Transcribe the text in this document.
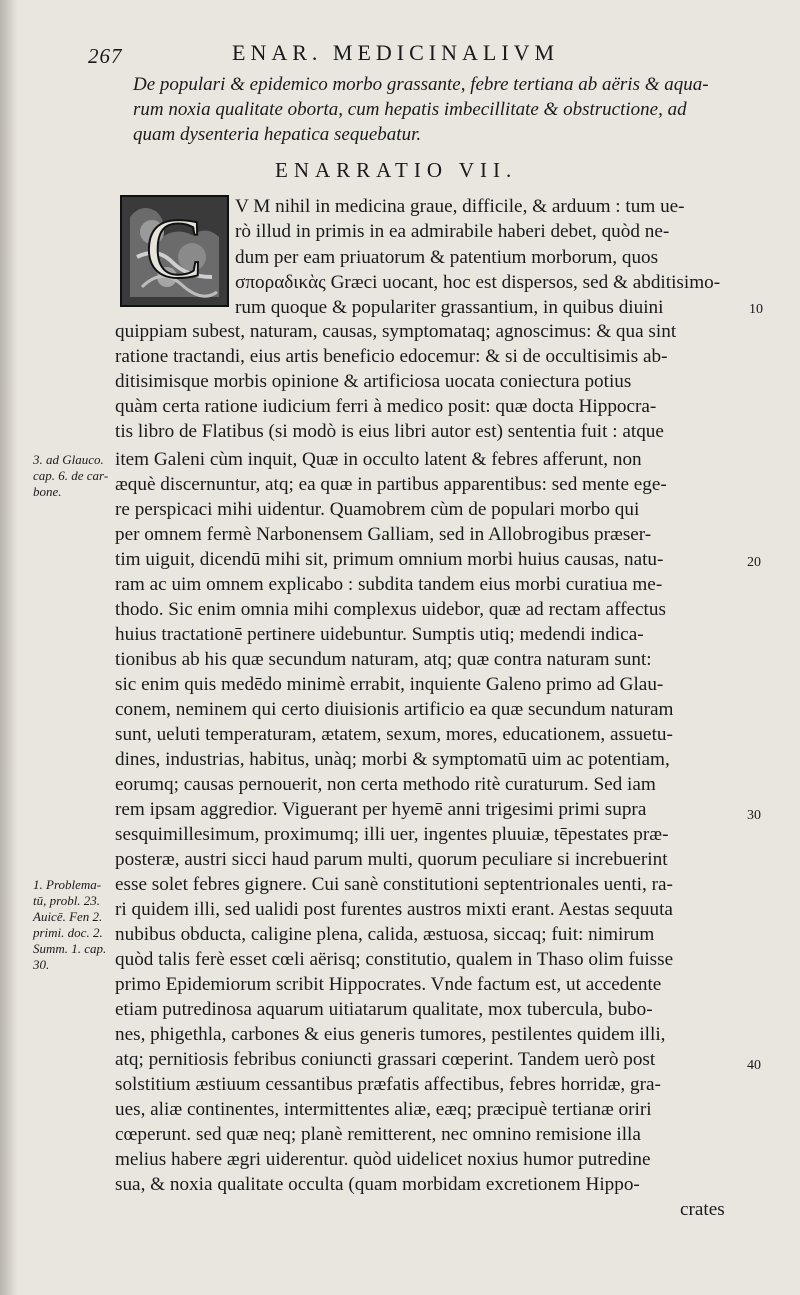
267	ENAR. MEDICINALIVM
De populari & epidemico morbo grassante, febre tertiana ab aëris & aqua-
rum noxia qualitate oborta, cum hepatis imbecillitate & obstructione, ad
quam dysenteria hepatica sequebatur.
ENARRATIO VII.
C V M nihil in medicina graue, difficile, & arduum : tum ue-
rò illud in primis in ea admirabile haberi debet, quòd ne-
dum per eam priuatorum & patentium morborum, quos
σποραδικὰς Græci uocant, hoc est dispersos, sed & abditisimo-
rum quoque & populariter grassantium, in quibus diuini
quippiam subest, naturam, causas, symptomataq; agnoscimus: & qua sint
ratione tractandi, eius artis beneficio edocemur: & si de occultisimis ab-
ditisimisque morbis opinione & artificiosa uocata coniectura potius
quàm certa ratione iudicium ferri à medico posit: quæ docta Hippocra-
tis libro de Flatibus (si modò is eius libri autor est) sententia fuit : atque
item Galeni cùm inquit, Quæ in occulto latent & febres afferunt, non
æquè discernuntur, atq; ea quæ in partibus apparentibus: sed mente ege-
re perspicaci mihi uidentur. Quamobrem cùm de populari morbo qui
per omnem fermè Narbonensem Galliam, sed in Allobrogibus præser-
tim uiguit, dicendū mihi sit, primum omnium morbi huius causas, natu-
ram ac uim omnem explicabo : subdita tandem eius morbi curatiua me-
thodo. Sic enim omnia mihi complexus uidebor, quæ ad rectam affectus
huius tractationē pertinere uidebuntur. Sumptis utiq; medendi indica-
tionibus ab his quæ secundum naturam, atq; quæ contra naturam sunt:
sic enim quis medēdo minimè errabit, inquiente Galeno primo ad Glau-
conem, neminem qui certo diuisionis artificio ea quæ secundum naturam
sunt, ueluti temperaturam, ætatem, sexum, mores, educationem, assuetu-
dines, industrias, habitus, unàq; morbi & symptomatū uim ac potentiam,
eorumq; causas pernouerit, non certa methodo ritè curaturum. Sed iam
rem ipsam aggredior. Viguerant per hyemē anni trigesimi primi supra
sesquimillesimum, proximumq; illi uer, ingentes pluuiæ, tēpestates præ-
posteræ, austri sicci haud parum multi, quorum peculiare si increbuerint
esse solet febres gignere. Cui sanè constitutioni septentrionales uenti, ra-
ri quidem illi, sed ualidi post furentes austros mixti erant. Aestas sequuta
nubibus obducta, caligine plena, calida, æstuosa, siccaq; fuit: nimirum
quòd talis ferè esset cœli aërisq; constitutio, qualem in Thaso olim fuisse
primo Epidemiorum scribit Hippocrates. Vnde factum est, ut accedente
etiam putredinosa aquarum uitiatarum qualitate, mox tubercula, bubo-
nes, phigethla, carbones & eius generis tumores, pestilentes quidem illi,
atq; pernitiosis febribus coniuncti grassari cœperint. Tandem uerò post
solstitium æstiuum cessantibus præfatis affectibus, febres horridæ, gra-
ues, aliæ continentes, intermittentes aliæ, eæq; præcipuè tertianæ oriri
cœperunt. sed quæ neq; planè remitterent, nec omnino remisione illa
melius habere ægri uiderentur. quòd uidelicet noxius humor putredine
sua, & noxia qualitate occulta (quam morbidam excretionem Hippo-
crates
3. ad Glauco.
cap. 6. de car-
bone.
1. Problema-
tū, probl. 23.
Auicē. Fen 2.
primi. doc. 2.
Summ. 1. cap.
30.
10
20
30
40
